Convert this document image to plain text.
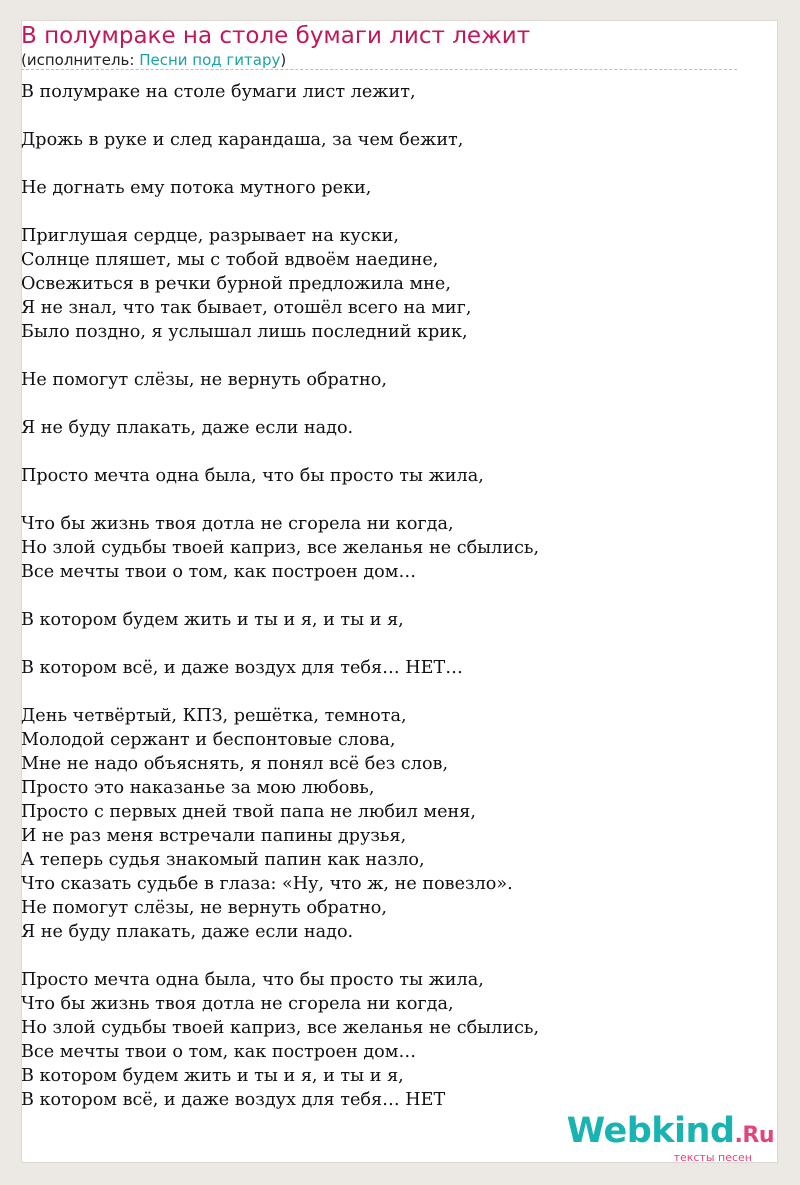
В полумраке на столе бумаги лист лежит
(исполнитель: Песни под гитару)
В полумраке на столе бумаги лист лежит,
Дрожь в руке и след карандаша, за чем бежит,
Не догнать ему потока мутного реки,
Приглушая сердце, разрывает на куски,
Солнце пляшет, мы с тобой вдвоём наедине,
Освежиться в речки бурной предложила мне,
Я не знал, что так бывает, отошёл всего на миг,
Было поздно, я услышал лишь последний крик,
Не помогут слёзы, не вернуть обратно,
Я не буду плакать, даже если надо.
Просто мечта одна была, что бы просто ты жила,
Что бы жизнь твоя дотла не сгорела ни когда,
Но злой судьбы твоей каприз, все желанья не сбылись,
Все мечты твои о том, как построен дом…
В котором будем жить и ты и я, и ты и я,
В котором всё, и даже воздух для тебя… НЕТ…
День четвёртый, КПЗ, решётка, темнота,
Молодой сержант и беспонтовые слова,
Мне не надо объяснять, я понял всё без слов,
Просто это наказанье за мою любовь,
Просто с первых дней твой папа не любил меня,
И не раз меня встречали папины друзья,
А теперь судья знакомый папин как назло,
Что сказать судьбе в глаза: «Ну, что ж, не повезло».
Не помогут слёзы, не вернуть обратно,
Я не буду плакать, даже если надо.
Просто мечта одна была, что бы просто ты жила,
Что бы жизнь твоя дотла не сгорела ни когда,
Но злой судьбы твоей каприз, все желанья не сбылись,
Все мечты твои о том, как построен дом…
В котором будем жить и ты и я, и ты и я,
В котором всё, и даже воздух для тебя… НЕТ
Webkind.Ru
тексты песен
